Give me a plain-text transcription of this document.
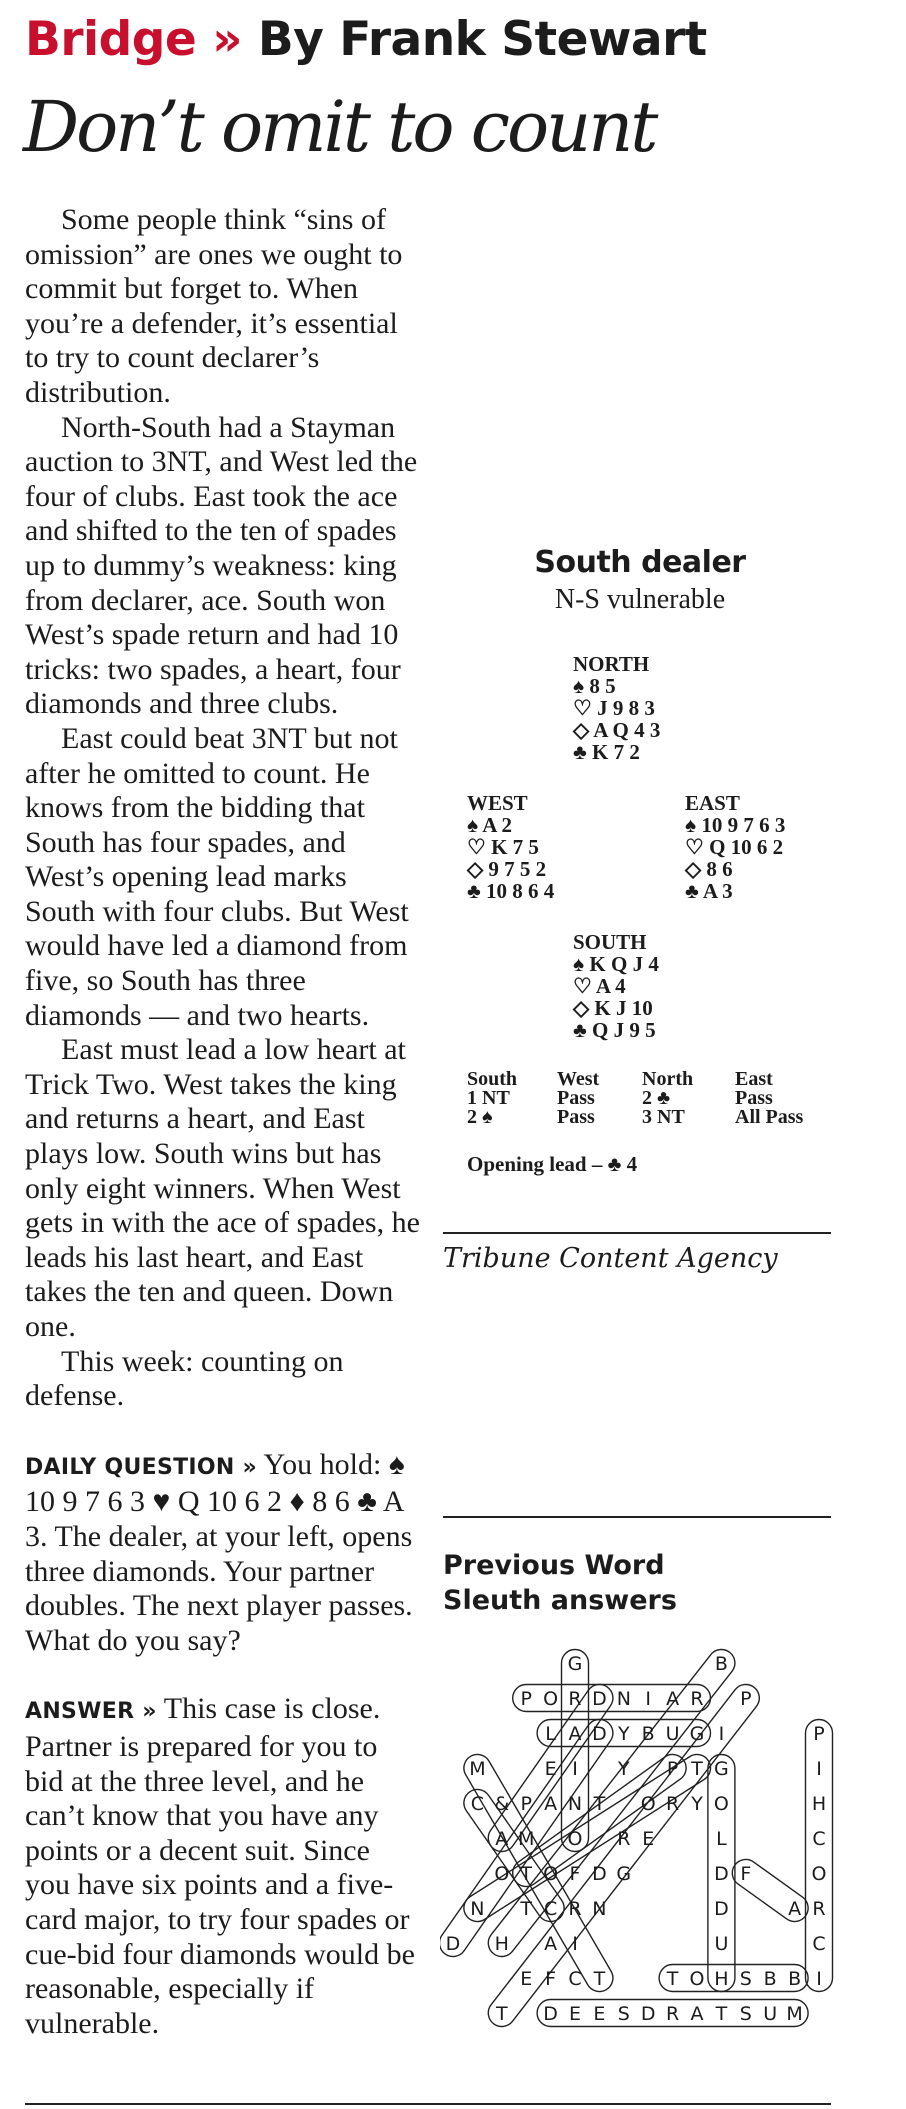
Bridge » By Frank Stewart
Don’t omit to count

Some people think “sins of omission” are ones we ought to commit but forget to. When you’re a defender, it’s essential to try to count declarer’s distribution.

North-South had a Stayman auction to 3NT, and West led the four of clubs. East took the ace and shifted to the ten of spades up to dummy’s weakness: king from declarer, ace. South won West’s spade return and had 10 tricks: two spades, a heart, four diamonds and three clubs.

East could beat 3NT but not after he omitted to count. He knows from the bidding that South has four spades, and West’s opening lead marks South with four clubs. But West would have led a diamond from five, so South has three diamonds — and two hearts.

East must lead a low heart at Trick Two. West takes the king and returns a heart, and East plays low. South wins but has only eight winners. When West gets in with the ace of spades, he leads his last heart, and East takes the ten and queen. Down one.

This week: counting on defense.

DAILY QUESTION » You hold: ♠ 10 9 7 6 3 ♥ Q 10 6 2 ♦ 8 6 ♣ A 3. The dealer, at your left, opens three diamonds. Your partner doubles. The next player passes. What do you say?

ANSWER » This case is close. Partner is prepared for you to bid at the three level, and he can’t know that you have any points or a decent suit. Since you have six points and a five-card major, to try four spades or cue-bid four diamonds would be reasonable, especially if vulnerable.

South dealer
N-S vulnerable
NORTH
♠ 8 5
♡ J 9 8 3
◇ A Q 4 3
♣ K 7 2
WEST
♠ A 2
♡ K 7 5
◇ 9 7 5 2
♣ 10 8 6 4
EAST
♠ 10 9 7 6 3
♡ Q 10 6 2
◇ 8 6
♣ A 3
SOUTH
♠ K Q J 4
♡ A 4
◇ K J 10
♣ Q J 9 5
South West North East
1 NT Pass 2 ♣	Pass
2 ♠	Pass 3 NT	All Pass
Opening lead – ♣ 4
Tribune Content Agency
Previous Word
Sleuth answers
G	B
P O R D N I A R P
L A D Y B U G I	P
M	E I Y P T G	I
C & P A N T O R Y O	H
A M O R E	L	C
O T O F D G	D F	O
N T C R N	D	A R
D H A I	U	C
E F C T	T O H S B B I
T D E E S D R A T S U M
